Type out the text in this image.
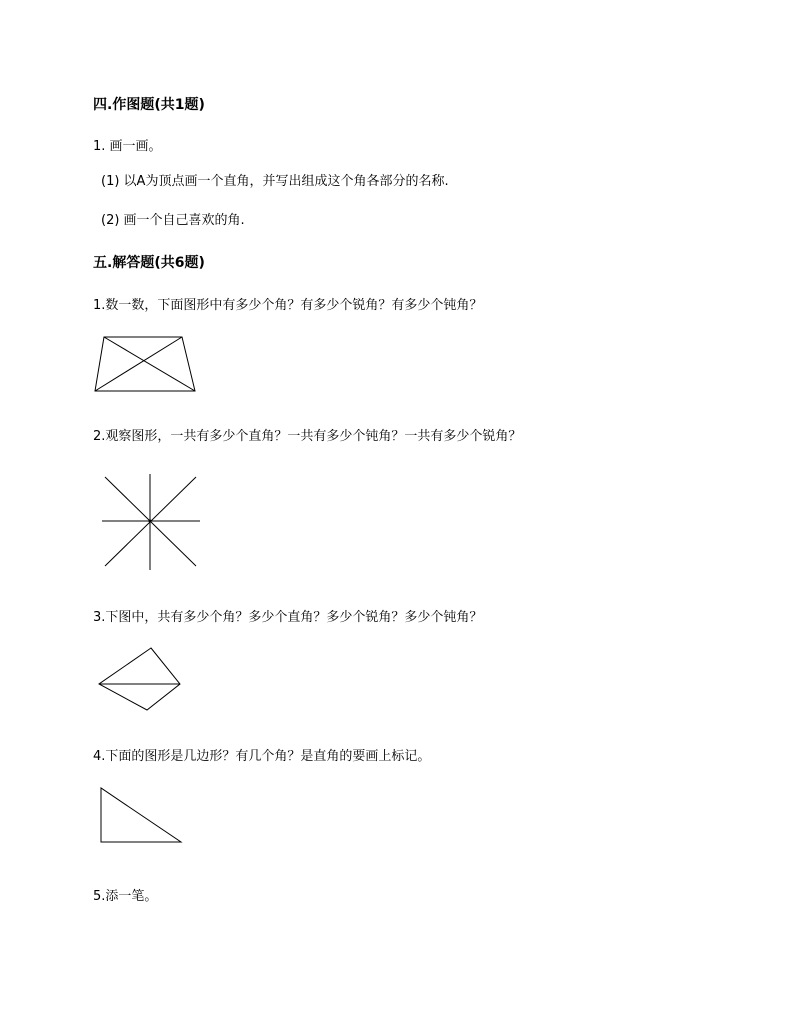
四.作图题(共1题)
1. 画一画。
(1) 以A为顶点画一个直角，并写出组成这个角各部分的名称.
(2) 画一个自己喜欢的角.
五.解答题(共6题)
1.数一数，下面图形中有多少个角？有多少个锐角？有多少个钝角？
2.观察图形，一共有多少个直角？一共有多少个钝角？一共有多少个锐角？
3.下图中，共有多少个角？多少个直角？多少个锐角？多少个钝角？
4.下面的图形是几边形？有几个角？是直角的要画上标记。
5.添一笔。
